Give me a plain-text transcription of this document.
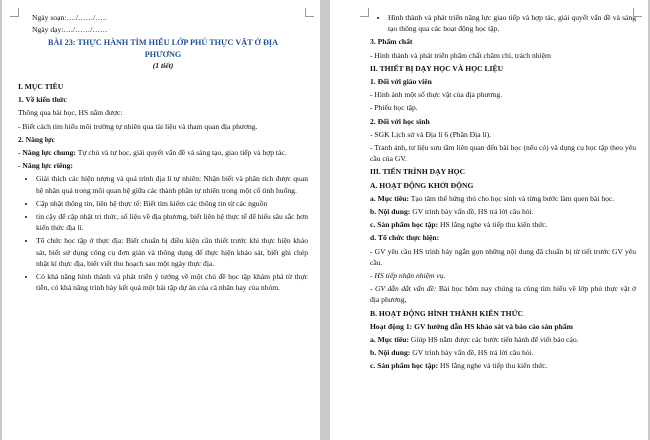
Ngày soạn:…./……/…..

Ngày dạy:…./……/……

BÀI 23: THỰC HÀNH TÌM HIỂU LỚP PHỦ THỰC VẬT Ở ĐỊA
PHƯƠNG
(1 tiết)

I. MỤC TIÊU

1. Về kiến thức

Thông qua bài học, HS nắm được:

- Biết cách tìm hiểu môi trường tự nhiên qua tài liệu và tham quan địa phương.

2. Năng lực

- Năng lực chung: Tự chủ và tự học, giải quyết vấn đề và sáng tạo, giao tiếp và hợp tác.

- Năng lực riêng:

• Giải thích các hiện tượng và quá trình địa lí tự nhiên: Nhận biết và phân tích được quan hệ nhân quả trong môi quan hệ giữa các thành phần tự nhiên trong một cố tình huống.
• Cập nhật thông tin, liên hệ thực tế: Biết tìm kiếm các thông tin từ các nguồn
• tin cậy để cập nhật tri thức, số liệu về địa phương, biết liên hệ thực tế để hiểu sâu sắc hơn kiến thức địa lí.
• Tổ chức học tập ở thực địa: Biết chuẩn bị điều kiện cần thiết trước khi thực hiện khảo sát, biết sử dụng công cụ đơn giản và thông dụng để thực hiện khảo sát, biết ghi chép nhật kí thực địa, biết viết thu hoạch sau một ngày thực địa.
• Có khả năng hình thành và phát triển ý tưởng về một chủ đề học tập khám phá từ thực tiễn, có khả năng trình bày kết quả một bài tập dự án của cá nhân hay của nhóm.
• Hình thành và phát triển năng lực giao tiếp và hợp tác, giải quyết vấn đề và sáng tạo thông qua các hoạt động học tập.

3. Phẩm chất

- Hình thành và phát triển phẩm chất chăm chỉ, trách nhiệm

II. THIẾT BỊ DẠY HỌC VÀ HỌC LIỆU

1. Đối với giáo viên

- Hình ảnh một số thực vật của địa phương.

- Phiếu học tập.

2. Đối với học sinh

- SGK Lịch sử và Địa lí 6 (Phần Địa lí).

- Tranh ảnh, tư liệu sưu tầm liên quan đến bài học (nếu có) và dụng cụ học tập theo yêu cầu của GV.

III. TIẾN TRÌNH DẠY HỌC

A. HOẠT ĐỘNG KHỞI ĐỘNG

a. Mục tiêu: Tạo tâm thế hứng thú cho học sinh và từng bước làm quen bài học.

b. Nội dung: GV trình bày vấn đề, HS trả lời câu hỏi.

c. Sản phẩm học tập: HS lắng nghe và tiếp thu kiến thức.

d. Tổ chức thực hiện:

- GV yêu cầu HS trình bày ngắn gọn những nội dung đã chuẩn bị từ tiết trước GV yêu cầu.

- HS tiếp nhận nhiệm vụ.

- GV dẫn dắt vấn đề: Bài học hôm nay chúng ta cùng tìm hiểu về lớp phủ thực vật ở địa phương,

B. HOẠT ĐỘNG HÌNH THÀNH KIẾN THỨC

Hoạt động 1: GV hướng dẫn HS khảo sát và báo cáo sản phẩm

a. Mục tiêu: Giúp HS nắm được các bước tiến hành để viết báo cáo.

b. Nội dung: GV trình bày vấn đề, HS trả lời câu hỏi.

c. Sản phẩm học tập: HS lắng nghe và tiếp thu kiến thức.
